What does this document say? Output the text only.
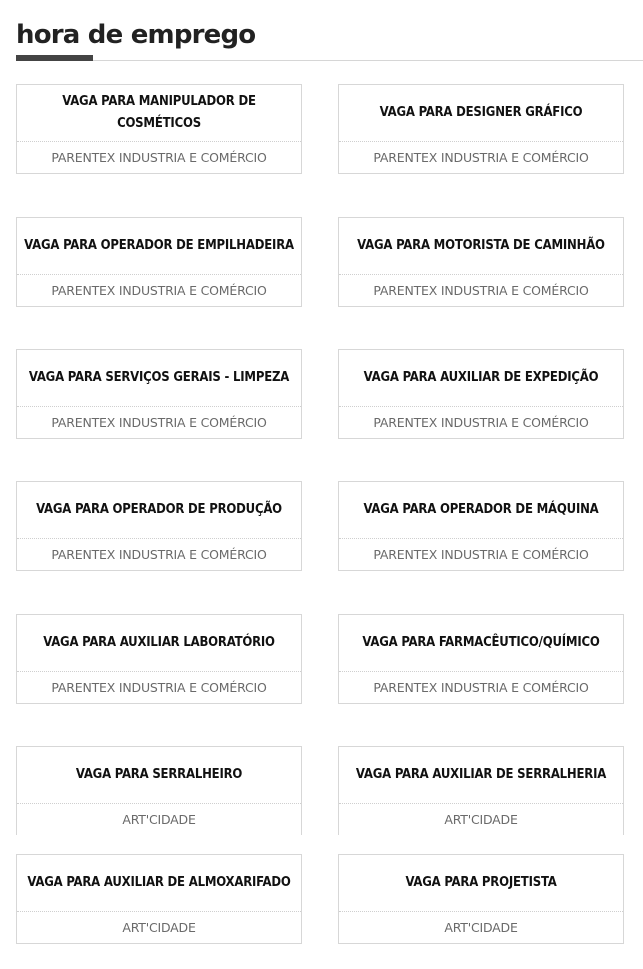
hora de emprego
VAGA PARA MANIPULADOR DE COSMÉTICOS
PARENTEX INDUSTRIA E COMÉRCIO
VAGA PARA DESIGNER GRÁFICO
PARENTEX INDUSTRIA E COMÉRCIO
VAGA PARA OPERADOR DE EMPILHADEIRA
PARENTEX INDUSTRIA E COMÉRCIO
VAGA PARA MOTORISTA DE CAMINHÃO
PARENTEX INDUSTRIA E COMÉRCIO
VAGA PARA SERVIÇOS GERAIS - LIMPEZA
PARENTEX INDUSTRIA E COMÉRCIO
VAGA PARA AUXILIAR DE EXPEDIÇÃO
PARENTEX INDUSTRIA E COMÉRCIO
VAGA PARA OPERADOR DE PRODUÇÃO
PARENTEX INDUSTRIA E COMÉRCIO
VAGA PARA OPERADOR DE MÁQUINA
PARENTEX INDUSTRIA E COMÉRCIO
VAGA PARA AUXILIAR LABORATÓRIO
PARENTEX INDUSTRIA E COMÉRCIO
VAGA PARA FARMACÊUTICO/QUÍMICO
PARENTEX INDUSTRIA E COMÉRCIO
VAGA PARA SERRALHEIRO
ART'CIDADE
VAGA PARA AUXILIAR DE SERRALHERIA
ART'CIDADE
VAGA PARA AUXILIAR DE ALMOXARIFADO
ART'CIDADE
VAGA PARA PROJETISTA
ART'CIDADE
